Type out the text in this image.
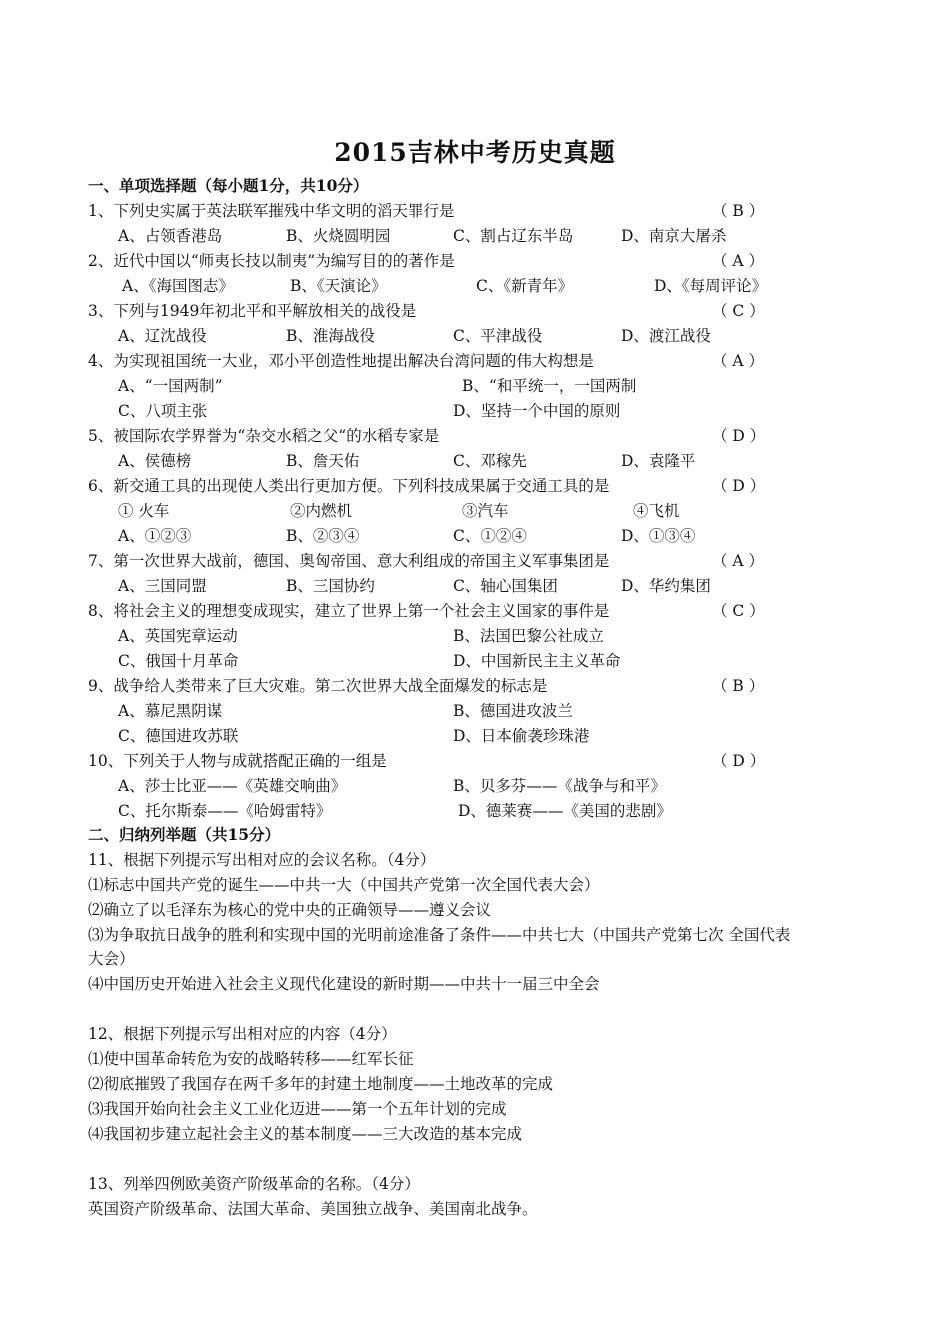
2015吉林中考历史真题
一、单项选择题（每小题1分，共10分）
1、下列史实属于英法联军摧残中华文明的滔天罪行是	（ B ）
A、占领香港岛	B、火烧圆明园	C、割占辽东半岛	D、南京大屠杀
2、近代中国以“师夷长技以制夷”为编写目的的著作是	（ A ）
A、《海国图志》	B、《天演论》	C、《新青年》	D、《每周评论》
3、下列与1949年初北平和平解放相关的战役是	（ C ）
A、辽沈战役	B、淮海战役	C、平津战役	D、渡江战役
4、为实现祖国统一大业，邓小平创造性地提出解决台湾问题的伟大构想是	（ A ）
A、“一国两制”	B、“和平统一，一国两制
C、八项主张	D、坚持一个中国的原则
5、被国际农学界誉为“杂交水稻之父“的水稻专家是	（ D ）
A、侯德榜	B、詹天佑	C、邓稼先	D、袁隆平
6、新交通工具的出现使人类出行更加方便。下列科技成果属于交通工具的是	（ D ）
① 火车	②内燃机	③汽车	④飞机
A、①②③	B、②③④	C、①②④	D、①③④
7、第一次世界大战前，德国、奥匈帝国、意大利组成的帝国主义军事集团是	（ A ）
A、三国同盟	B、三国协约	C、轴心国集团	D、华约集团
8、将社会主义的理想变成现实，建立了世界上第一个社会主义国家的事件是	（ C ）
A、英国宪章运动	B、法国巴黎公社成立
C、俄国十月革命	D、中国新民主主义革命
9、战争给人类带来了巨大灾难。第二次世界大战全面爆发的标志是	（ B ）
A、慕尼黑阴谋	B、德国进攻波兰
C、德国进攻苏联	D、日本偷袭珍珠港
10、下列关于人物与成就搭配正确的一组是	（ D ）
A、莎士比亚——《英雄交响曲》	B、贝多芬——《战争与和平》
C、托尔斯泰——《哈姆雷特》	D、德莱赛——《美国的悲剧》
二、归纳列举题（共15分）
11、根据下列提示写出相对应的会议名称。（4分）
⑴标志中国共产党的诞生——中共一大（中国共产党第一次全国代表大会）
⑵确立了以毛泽东为核心的党中央的正确领导——遵义会议
⑶为争取抗日战争的胜利和实现中国的光明前途准备了条件——中共七大（中国共产党第七次 全国代表
大会）
⑷中国历史开始进入社会主义现代化建设的新时期——中共十一届三中全会
12、根据下列提示写出相对应的内容（4分）
⑴使中国革命转危为安的战略转移——红军长征
⑵彻底摧毁了我国存在两千多年的封建土地制度——土地改革的完成
⑶我国开始向社会主义工业化迈进——第一个五年计划的完成
⑷我国初步建立起社会主义的基本制度——三大改造的基本完成
13、列举四例欧美资产阶级革命的名称。（4分）
英国资产阶级革命、法国大革命、美国独立战争、美国南北战争。
